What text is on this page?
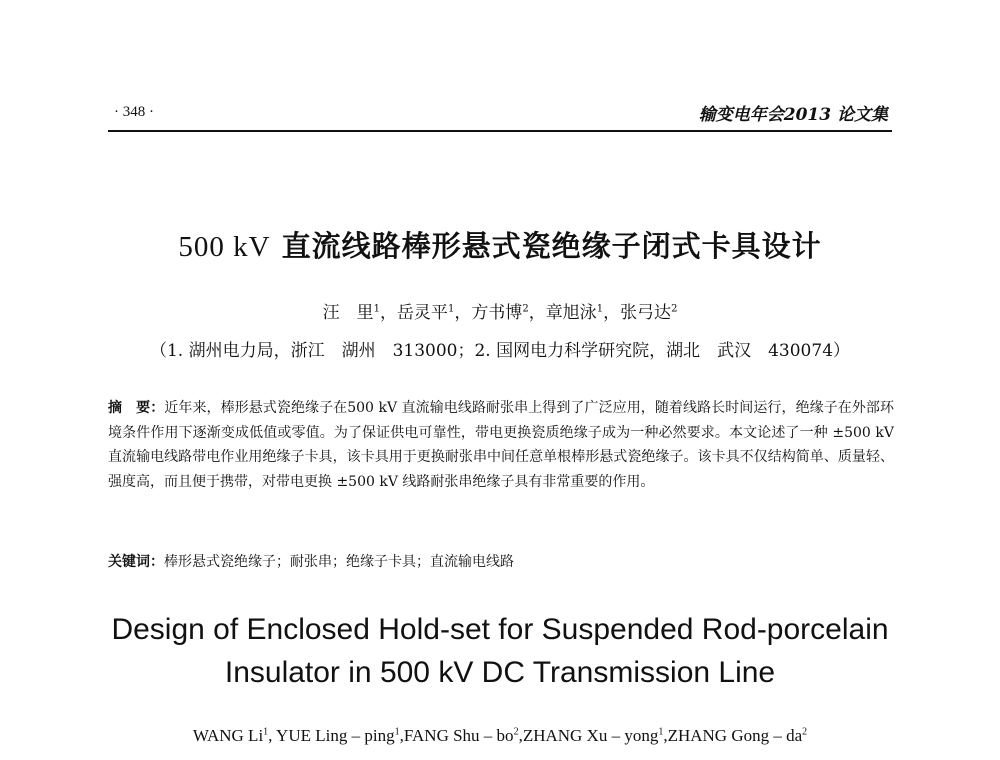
· 348 ·	输变电年会2013 论文集
500 kV 直流线路棒形悬式瓷绝缘子闭式卡具设计
汪　里$^1$，岳灵平$^1$，方书博$^2$，章旭泳$^1$，张弓达$^2$
（1. 湖州电力局，浙江　湖州　313000；2. 国网电力科学研究院，湖北　武汉　430074）
摘　要：近年来，棒形悬式瓷绝缘子在500 kV 直流输电线路耐张串上得到了广泛应用，随着线路长时间运行，绝缘子在外部环境条件作用下逐渐变成低值或零值。为了保证供电可靠性，带电更换瓷质绝缘子成为一种必然要求。本文论述了一种 ±500 kV 直流输电线路带电作业用绝缘子卡具，该卡具用于更换耐张串中间任意单根棒形悬式瓷绝缘子。该卡具不仅结构简单、质量轻、强度高，而且便于携带，对带电更换 ±500 kV 线路耐张串绝缘子具有非常重要的作用。
关键词：棒形悬式瓷绝缘子；耐张串；绝缘子卡具；直流输电线路
Design of Enclosed Hold-set for Suspended Rod-porcelain
Insulator in 500 kV DC Transmission Line
WANG Li$^1$, YUE Ling – ping$^1$,FANG Shu – $bo^2,ZHANG$ Xu – yong$^1$,ZHANG Gong – $da^2$
